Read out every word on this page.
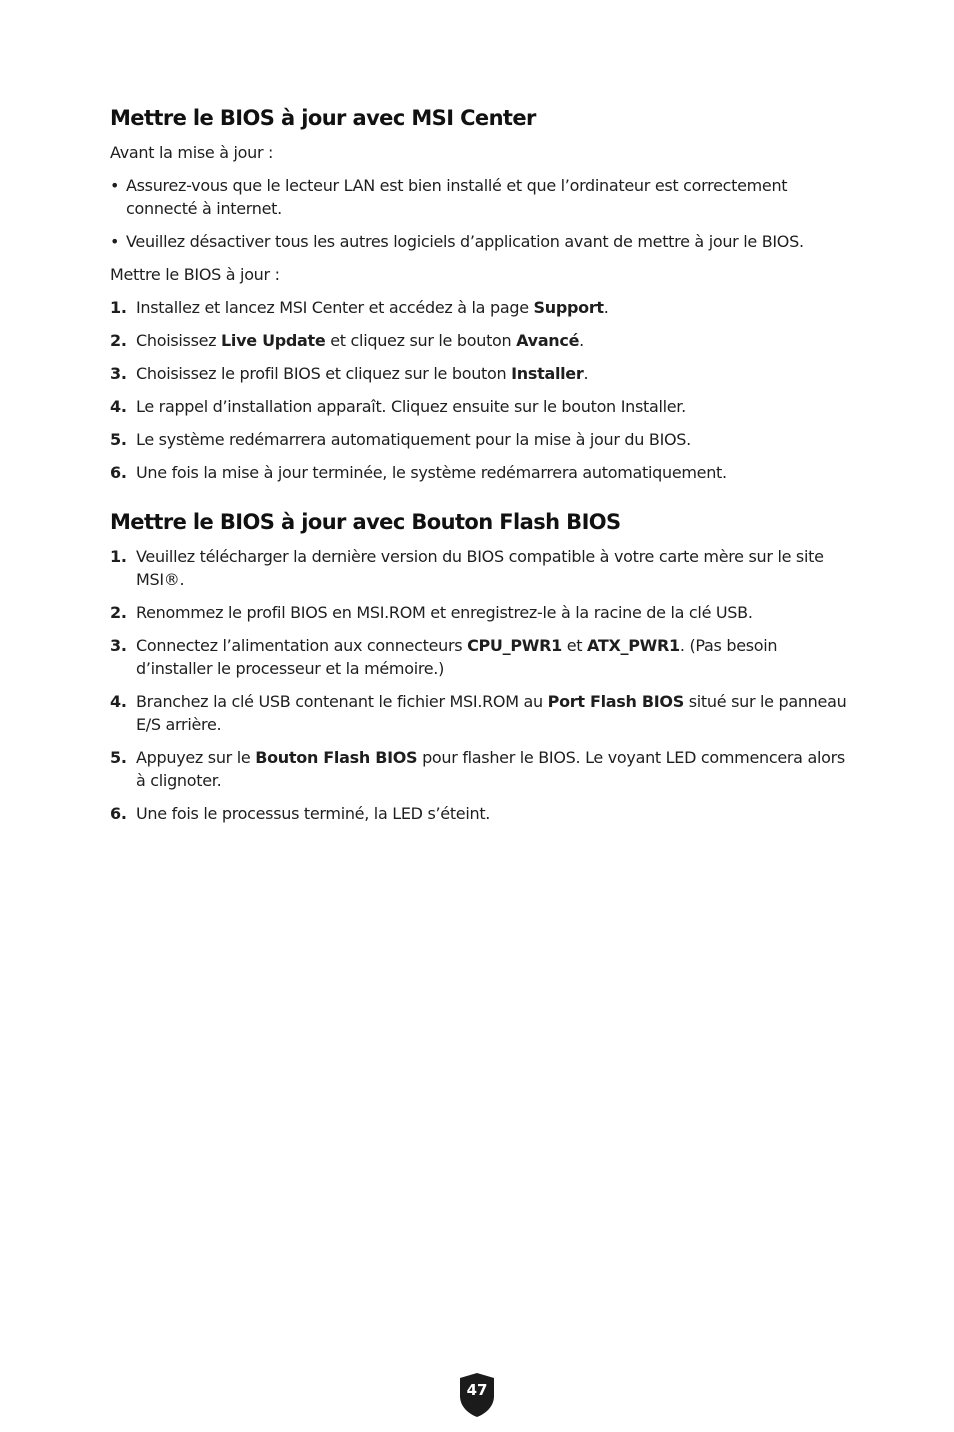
Mettre le BIOS à jour avec MSI Center

Avant la mise à jour :

• Assurez-vous que le lecteur LAN est bien installé et que l’ordinateur est correctement connecté à internet.
• Veuillez désactiver tous les autres logiciels d’application avant de mettre à jour le BIOS.

Mettre le BIOS à jour :

1. Installez et lancez MSI Center et accédez à la page Support.
2. Choisissez Live Update et cliquez sur le bouton Avancé.
3. Choisissez le profil BIOS et cliquez sur le bouton Installer.
4. Le rappel d’installation apparaît. Cliquez ensuite sur le bouton Installer.
5. Le système redémarrera automatiquement pour la mise à jour du BIOS.
6. Une fois la mise à jour terminée, le système redémarrera automatiquement.
Mettre le BIOS à jour avec Bouton Flash BIOS
1. Veuillez télécharger la dernière version du BIOS compatible à votre carte mère sur le site MSI®.
2. Renommez le profil BIOS en MSI.ROM et enregistrez-le à la racine de la clé USB.
3. Connectez l’alimentation aux connecteurs CPU_PWR1 et ATX_PWR1. (Pas besoin d’installer le processeur et la mémoire.)
4. Branchez la clé USB contenant le fichier MSI.ROM au Port Flash BIOS situé sur le panneau E/S arrière.
5. Appuyez sur le Bouton Flash BIOS pour flasher le BIOS. Le voyant LED commencera alors à clignoter.
6. Une fois le processus terminé, la LED s’éteint.
47
